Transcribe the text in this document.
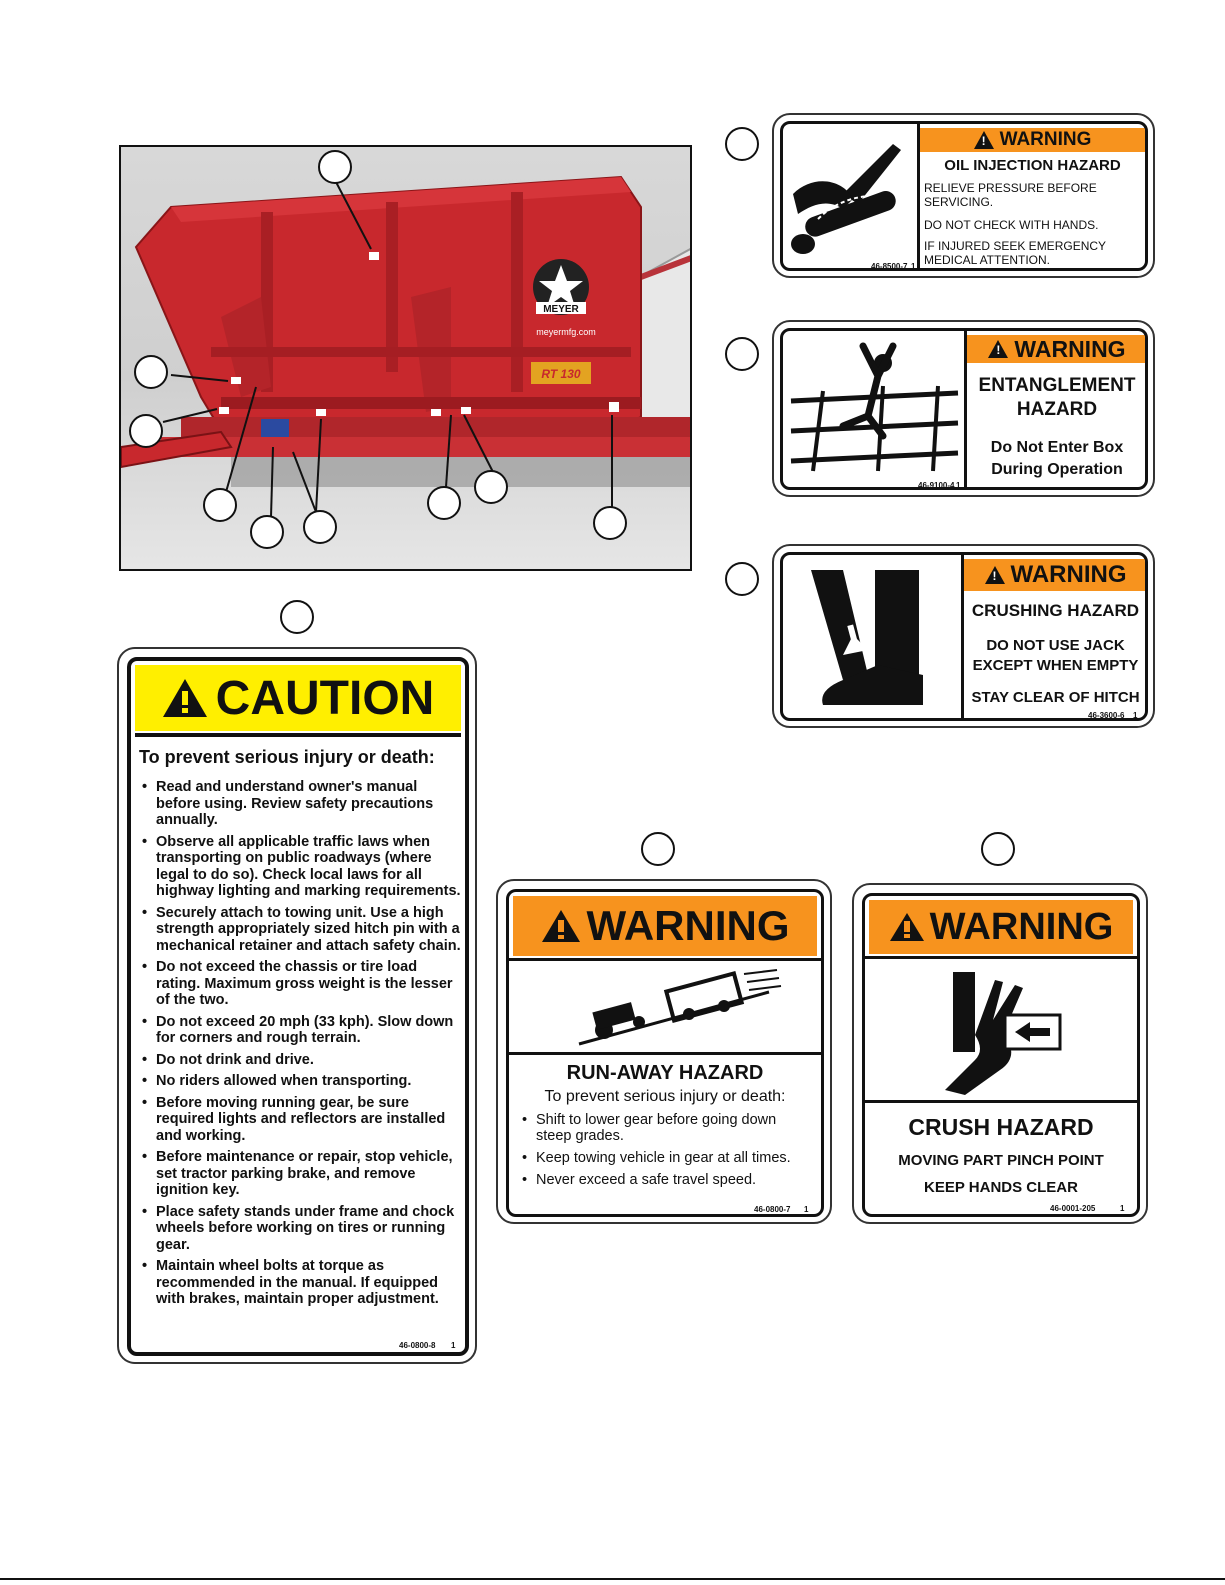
MEYER
meyermfg.com
RT 130
!
WARNING
OIL INJECTION HAZARD
RELIEVE PRESSURE BEFORE SERVICING.
DO NOT CHECK WITH HANDS.
IF INJURED SEEK EMERGENCY MEDICAL ATTENTION.
46-8500-7 1
!
WARNING
ENTANGLEMENT
HAZARD
Do Not Enter Box
During Operation
46-9100-4 1
!
WARNING
CRUSHING HAZARD
DO NOT USE JACK
EXCEPT WHEN EMPTY
STAY CLEAR OF HITCH
46-3600-6 1
CAUTION
To prevent serious injury or death:
• Read and understand owner's manual before using. Review safety precautions annually.
• Observe all applicable traffic laws when transporting on public roadways (where legal to do so). Check local laws for all highway lighting and marking requirements.
• Securely attach to towing unit. Use a high strength appropriately sized hitch pin with a mechanical retainer and attach safety chain.
• Do not exceed the chassis or tire load rating. Maximum gross weight is the lesser of the two.
• Do not exceed 20 mph (33 kph). Slow down for corners and rough terrain.
• Do not drink and drive.
• No riders allowed when transporting.
• Before moving running gear, be sure required lights and reflectors are installed and working.
• Before maintenance or repair, stop vehicle, set tractor parking brake, and remove ignition key.
• Place safety stands under frame and chock wheels before working on tires or running gear.
• Maintain wheel bolts at torque as recommended in the manual. If equipped with brakes, maintain proper adjustment.
46-0800-8 1
WARNING
RUN-AWAY HAZARD
To prevent serious injury or death:
• Shift to lower gear before going down steep grades.
• Keep towing vehicle in gear at all times.
• Never exceed a safe travel speed.
46-0800-7 1
WARNING
CRUSH HAZARD
MOVING PART PINCH POINT
KEEP HANDS CLEAR
46-0001-205	1
